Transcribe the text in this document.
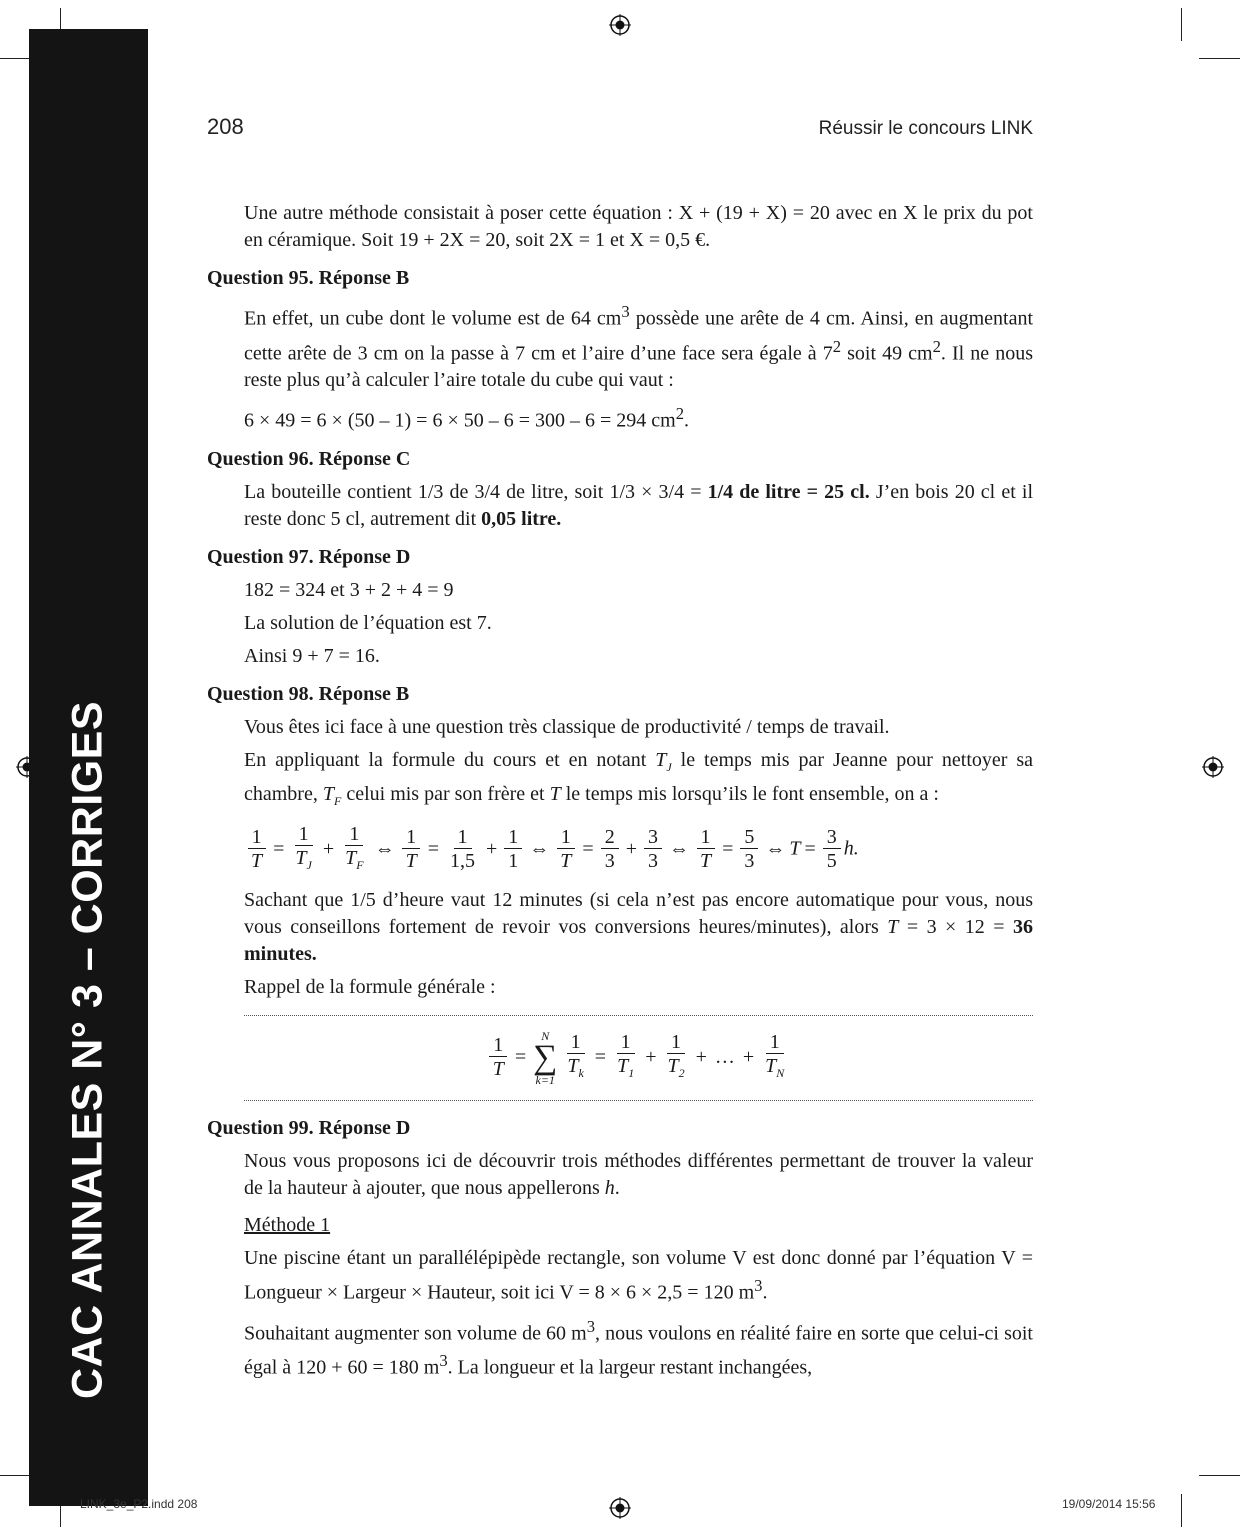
CAC ANNALES N° 3 – CORRIGES
208	Réussir le concours LINK

Une autre méthode consistait à poser cette équation : X + (19 + X) = 20 avec en X le prix du pot en céramique. Soit 19 + 2X = 20, soit 2X = 1 et X = 0,5 €.

Question 95. Réponse B

En effet, un cube dont le volume est de 64 $cm^3$ possède une arête de 4 cm. Ainsi, en augmentant cette arête de 3 cm on la passe à 7 cm et l’aire d’une face sera égale à $7^2$ soit 49 $cm^2$. Il ne nous reste plus qu’à calculer l’aire totale du cube qui vaut :

6 × 49 = 6 × (50 – 1) = 6 × 50 – 6 = 300 – 6 = 294 $cm^2$.

Question 96. Réponse C

La bouteille contient 1/3 de 3/4 de litre, soit 1/3 × 3/4 = 1/4 de litre = 25 cl. J’en bois 20 cl et il reste donc 5 cl, autrement dit 0,05 litre.

Question 97. Réponse D

182 = 324 et 3 + 2 + 4 = 9

La solution de l’équation est 7.

Ainsi 9 + 7 = 16.

Question 98. Réponse B

Vous êtes ici face à une question très classique de productivité / temps de travail.

En appliquant la formule du cours et en notant $T_J$ le temps mis par Jeanne pour nettoyer sa chambre, $T_F$ celui mis par son frère et T le temps mis lorsqu’ils le font ensemble, on a :

$\frac{1}{T} = \frac{1}{T_J} + \frac{1}{T_F}$ ⇔ $\frac{1}{T} = \frac{1}{1,5} + \frac{1}{1}$ ⇔ $\frac{1}{T} = \frac{2}{3} + \frac{3}{3}$ ⇔ $\frac{1}{T} = \frac{5}{3}$ ⇔ $T = \frac{3}{5} h$.

Sachant que 1/5 d’heure vaut 12 minutes (si cela n’est pas encore automatique pour vous, nous vous conseillons fortement de revoir vos conversions heures/minutes), alors T = 3 × 12 = 36 minutes.

Rappel de la formule générale :

$\frac{1}{T}$ =
N
∑
$k=1 \frac{1}{T_k} = \frac{1}{T_1} + \frac{1}{T_2}$ + … + $\frac{1}{T_N}$
Question 99. Réponse D

Nous vous proposons ici de découvrir trois méthodes différentes permettant de trouver la valeur de la hauteur à ajouter, que nous appellerons h.

Méthode 1

Une piscine étant un parallélépipède rectangle, son volume V est donc donné par l’équation V = Longueur × Largeur × Hauteur, soit ici V = 8 × 6 × 2,5 = 120 $m^3$.

Souhaitant augmenter son volume de 60 $m^3$, nous voulons en réalité faire en sorte que celui-ci soit égal à 120 + 60 = 180 $m^3$. La longueur et la largeur restant inchangées,

LINK_3e_P2.indd 208	19/09/2014 15:56
